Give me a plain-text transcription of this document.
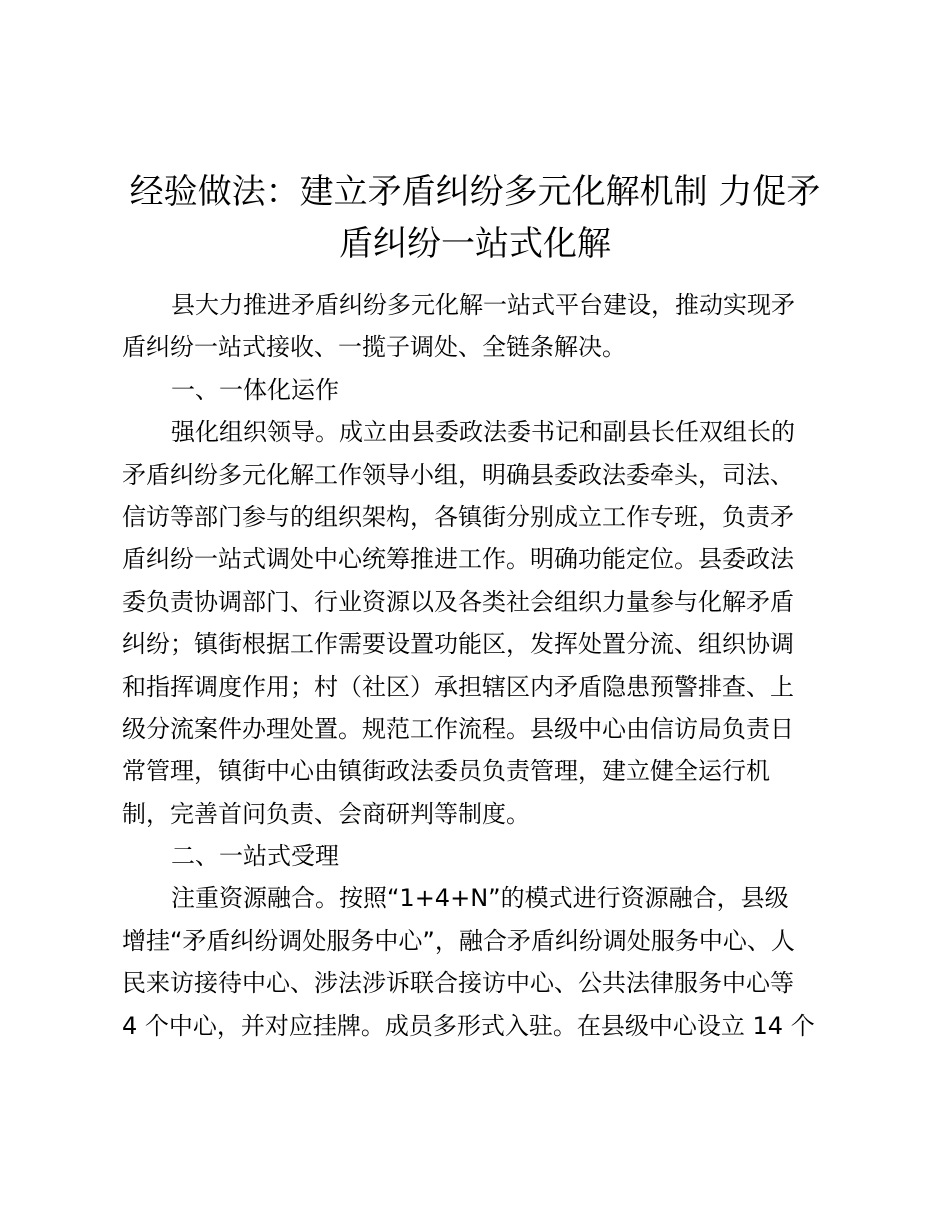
经验做法：建立矛盾纠纷多元化解机制 力促矛
盾纠纷一站式化解

县大力推进矛盾纠纷多元化解一站式平台建设，推动实现矛

盾纠纷一站式接收、一揽子调处、全链条解决。

一、一体化运作

强化组织领导。成立由县委政法委书记和副县长任双组长的

矛盾纠纷多元化解工作领导小组，明确县委政法委牵头，司法、

信访等部门参与的组织架构，各镇街分别成立工作专班，负责矛

盾纠纷一站式调处中心统筹推进工作。明确功能定位。县委政法

委负责协调部门、行业资源以及各类社会组织力量参与化解矛盾

纠纷；镇街根据工作需要设置功能区，发挥处置分流、组织协调

和指挥调度作用；村（社区）承担辖区内矛盾隐患预警排查、上

级分流案件办理处置。规范工作流程。县级中心由信访局负责日

常管理，镇街中心由镇街政法委员负责管理，建立健全运行机

制，完善首问负责、会商研判等制度。

二、一站式受理

注重资源融合。按照“1+4+N”的模式进行资源融合，县级

增挂“矛盾纠纷调处服务中心”，融合矛盾纠纷调处服务中心、人

民来访接待中心、涉法涉诉联合接访中心、公共法律服务中心等

4 个中心，并对应挂牌。成员多形式入驻。在县级中心设立 14 个
